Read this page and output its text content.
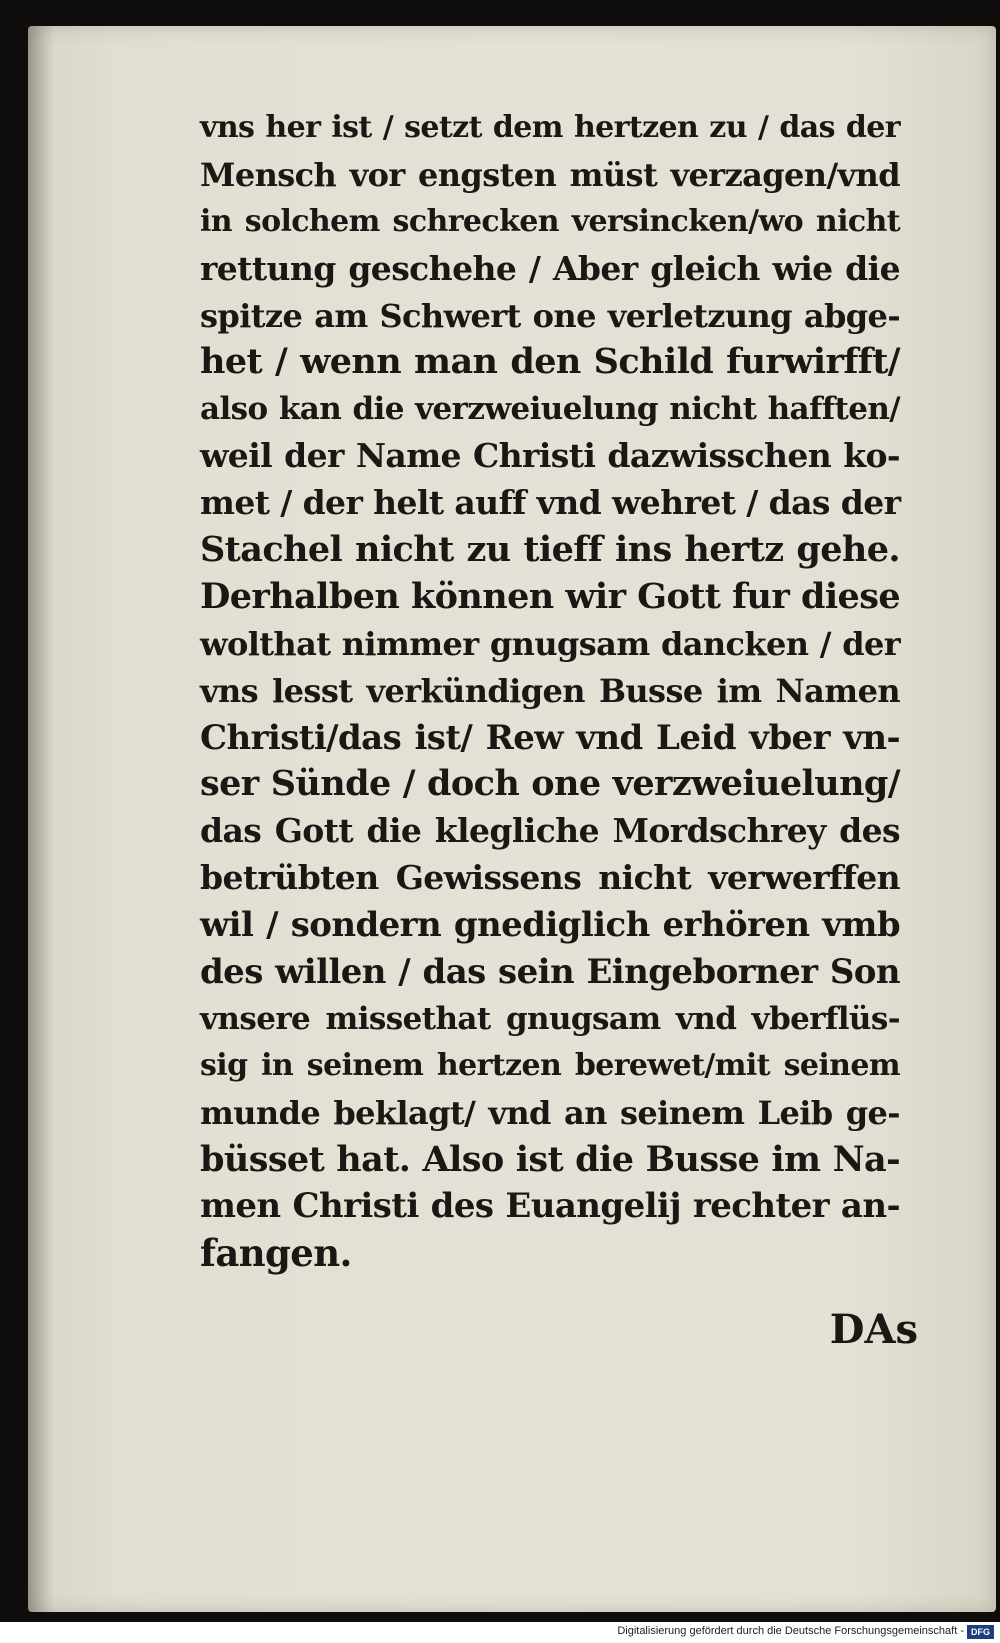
vns her ist / setzt dem hertzen zu / das der
Mensch vor engsten müst verzagen/vnd
in solchem schrecken versincken/wo nicht
rettung geschehe / Aber gleich wie die
spitze am Schwert one verletzung abge-
het / wenn man den Schild furwirfft/
also kan die verzweiuelung nicht hafften/
weil der Name Christi dazwisschen ko-
met / der helt auff vnd wehret / das der
Stachel nicht zu tieff ins hertz gehe.
Derhalben können wir Gott fur diese
wolthat nimmer gnugsam dancken / der
vns lesst verkündigen Busse im Namen
Christi/das ist/ Rew vnd Leid vber vn-
ser Sünde / doch one verzweiuelung/
das Gott die klegliche Mordschrey des
betrübten Gewissens nicht verwerffen
wil / sondern gnediglich erhören vmb
des willen / das sein Eingeborner Son
vnsere missethat gnugsam vnd vberflüs-
sig in seinem hertzen berewet/mit seinem
munde beklagt/ vnd an seinem Leib ge-
büsset hat. Also ist die Busse im Na-
men Christi des Euangelij rechter an-
fangen.
DAs
Digitalisierung gefördert durch die Deutsche Forschungsgemeinschaft - DFG
